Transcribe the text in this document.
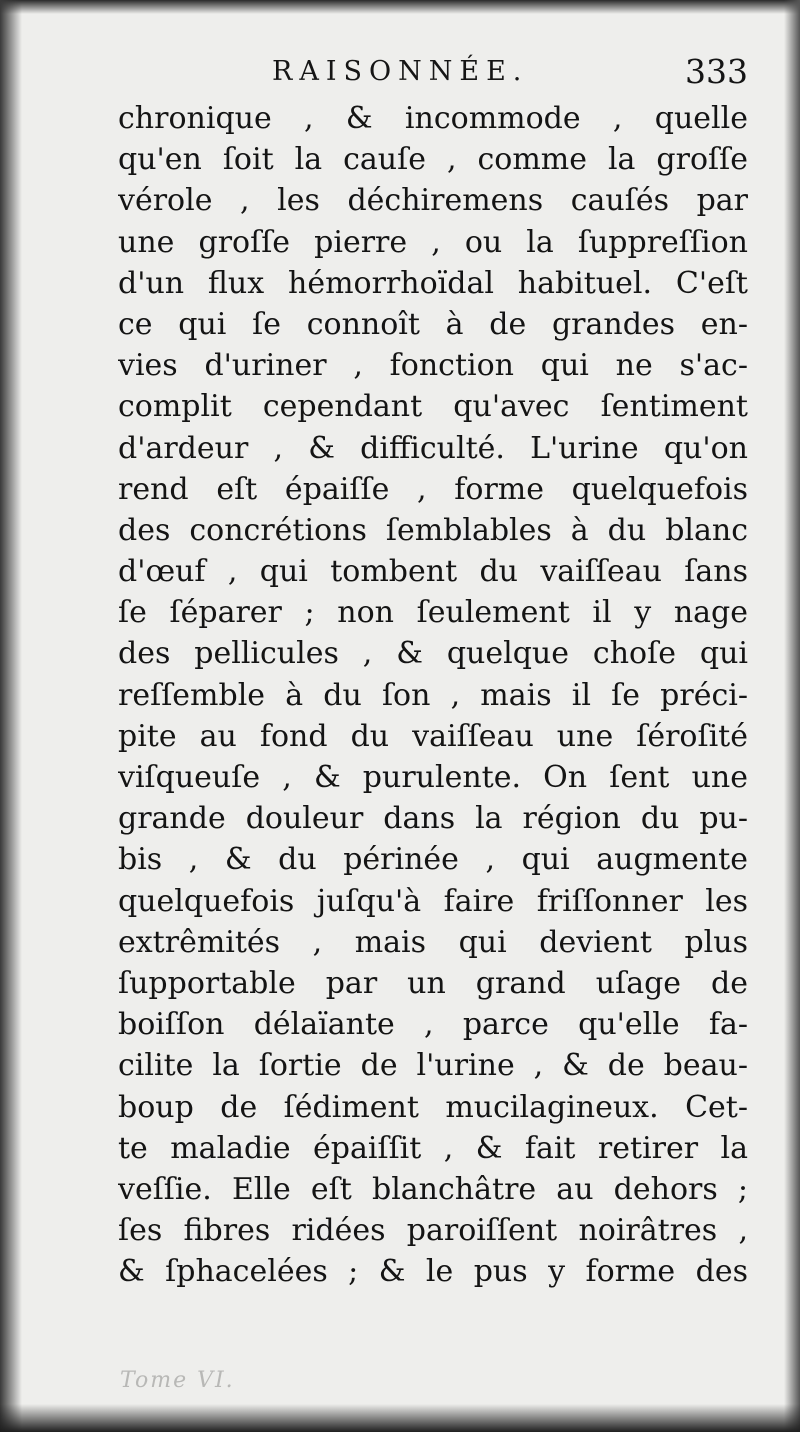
RAISONNÉE.	333
chronique , & incommode , quelle
qu'en ſoit la cauſe , comme la groſſe
vérole , les déchiremens cauſés par
une groſſe pierre , ou la ſuppreſſion
d'un flux hémorrhoïdal habituel. C'eſt
ce qui ſe connoît à de grandes en-
vies d'uriner , fonction qui ne s'ac-
complit cependant qu'avec ſentiment
d'ardeur , & difficulté. L'urine qu'on
rend eſt épaiſſe , forme quelquefois
des concrétions ſemblables à du blanc
d'œuf , qui tombent du vaiſſeau ſans
ſe ſéparer ; non ſeulement il y nage
des pellicules , & quelque choſe qui
reſſemble à du ſon , mais il ſe préci-
pite au fond du vaiſſeau une ſéroſité
viſqueuſe , & purulente. On ſent une
grande douleur dans la région du pu-
bis , & du périnée , qui augmente
quelquefois juſqu'à faire friſſonner les
extrêmités , mais qui devient plus
ſupportable par un grand uſage de
boiſſon délaïante , parce qu'elle fa-
cilite la ſortie de l'urine , & de beau-
boup de ſédiment mucilagineux. Cet-
te maladie épaiſſit , & fait retirer la
veſſie. Elle eſt blanchâtre au dehors ;
ſes fibres ridées paroiſſent noirâtres ,
& ſphacelées ; & le pus y forme des
Tome VI.
